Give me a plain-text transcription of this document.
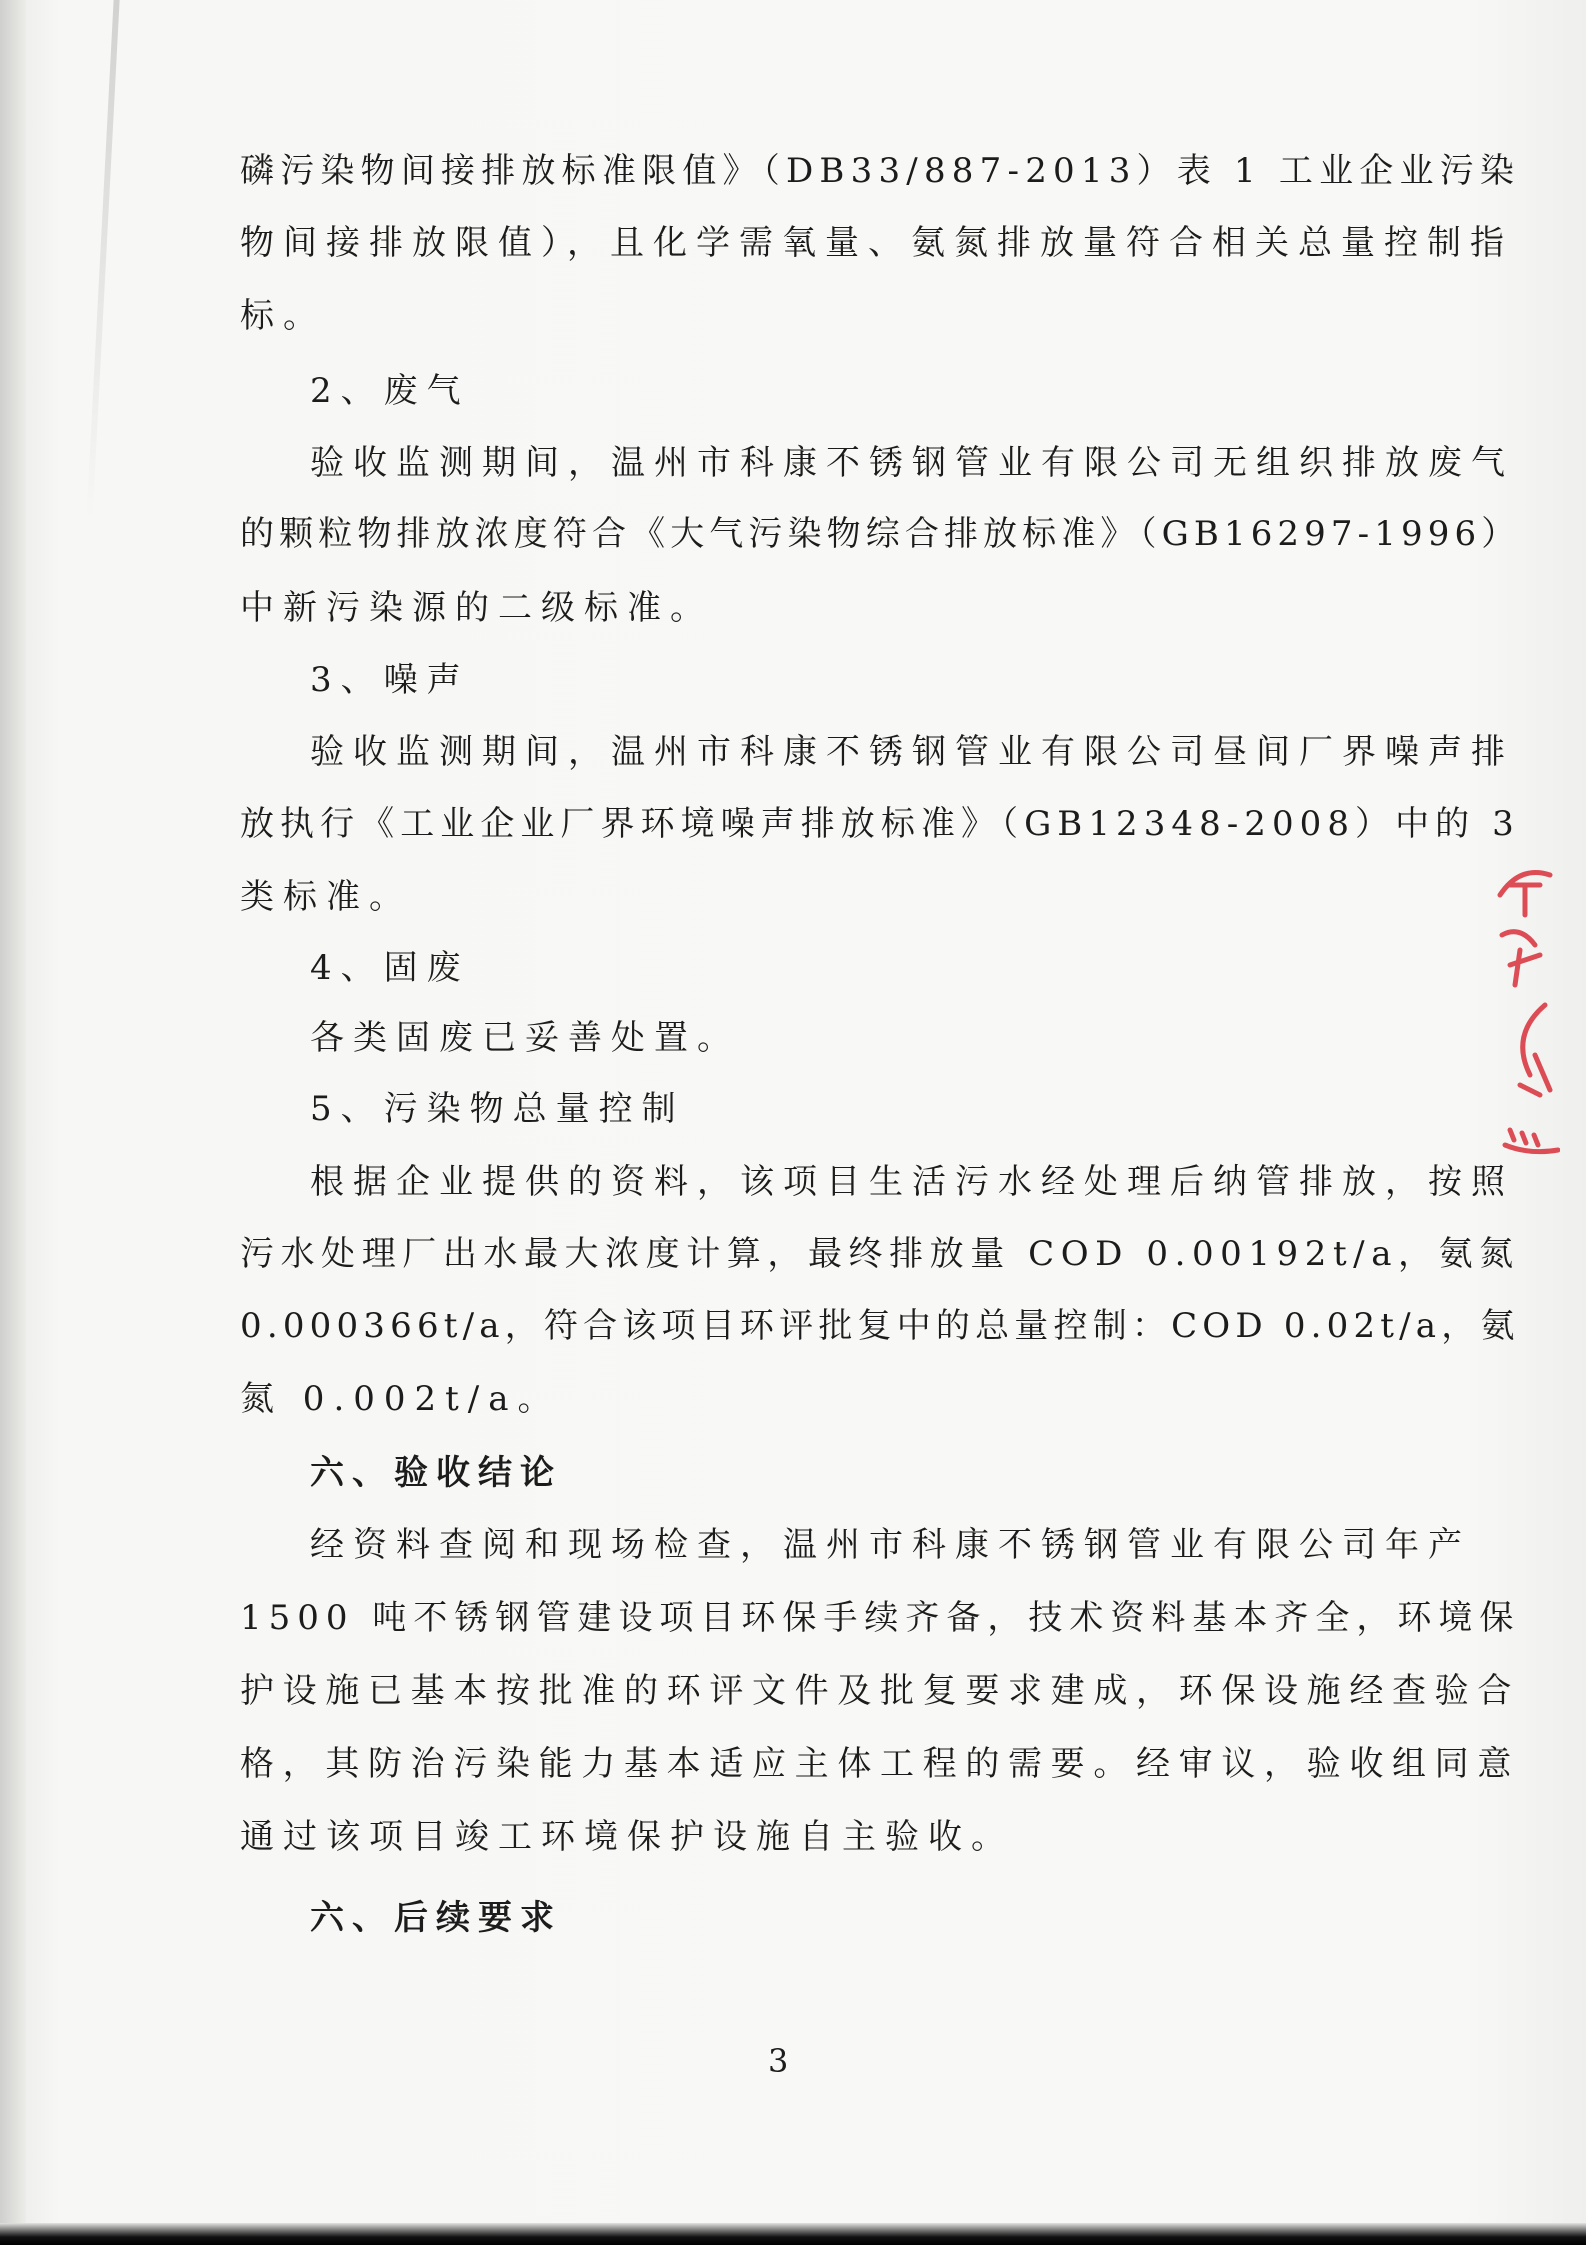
磷污染物间接排放标准限值》（DB33/887-2013）表 1 工业企业污染
物间接排放限值），且化学需氧量、氨氮排放量符合相关总量控制指
标。
2、废气
验收监测期间，温州市科康不锈钢管业有限公司无组织排放废气
的颗粒物排放浓度符合《大气污染物综合排放标准》（GB16297-1996）
中新污染源的二级标准。
3、噪声
验收监测期间，温州市科康不锈钢管业有限公司昼间厂界噪声排
放执行《工业企业厂界环境噪声排放标准》（GB12348-2008）中的 3
类标准。
4、固废
各类固废已妥善处置。
5、污染物总量控制
根据企业提供的资料，该项目生活污水经处理后纳管排放，按照
污水处理厂出水最大浓度计算，最终排放量 COD 0.00192t/a，氨氮
0.000366t/a，符合该项目环评批复中的总量控制：COD 0.02t/a，氨
氮 0.002t/a。
六、验收结论
经资料查阅和现场检查，温州市科康不锈钢管业有限公司年产
1500 吨不锈钢管建设项目环保手续齐备，技术资料基本齐全，环境保
护设施已基本按批准的环评文件及批复要求建成，环保设施经查验合
格，其防治污染能力基本适应主体工程的需要。经审议，验收组同意
通过该项目竣工环境保护设施自主验收。
六、后续要求
3
